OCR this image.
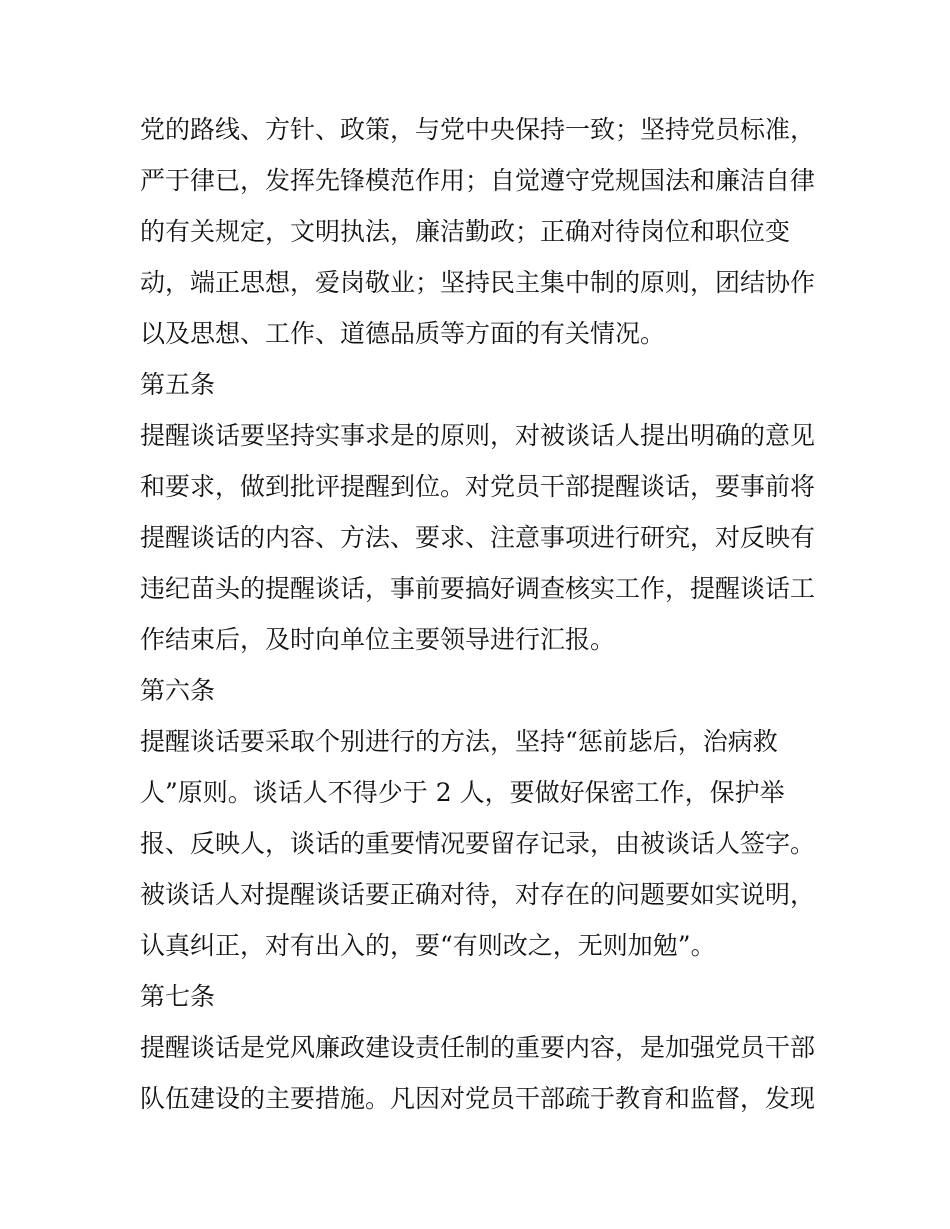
党的路线、方针、政策，与党中央保持一致；坚持党员标准，
严于律已，发挥先锋模范作用；自觉遵守党规国法和廉洁自律
的有关规定，文明执法，廉洁勤政；正确对待岗位和职位变
动，端正思想，爱岗敬业；坚持民主集中制的原则，团结协作
以及思想、工作、道德品质等方面的有关情况。
第五条
提醒谈话要坚持实事求是的原则，对被谈话人提出明确的意见
和要求，做到批评提醒到位。对党员干部提醒谈话，要事前将
提醒谈话的内容、方法、要求、注意事项进行研究，对反映有
违纪苗头的提醒谈话，事前要搞好调查核实工作，提醒谈话工
作结束后，及时向单位主要领导进行汇报。
第六条
提醒谈话要采取个别进行的方法，坚持“惩前毖后，治病救
人”原则。谈话人不得少于 2 人，要做好保密工作，保护举
报、反映人，谈话的重要情况要留存记录，由被谈话人签字。
被谈话人对提醒谈话要正确对待，对存在的问题要如实说明，
认真纠正，对有出入的，要“有则改之，无则加勉”。
第七条
提醒谈话是党风廉政建设责任制的重要内容，是加强党员干部
队伍建设的主要措施。凡因对党员干部疏于教育和监督，发现
